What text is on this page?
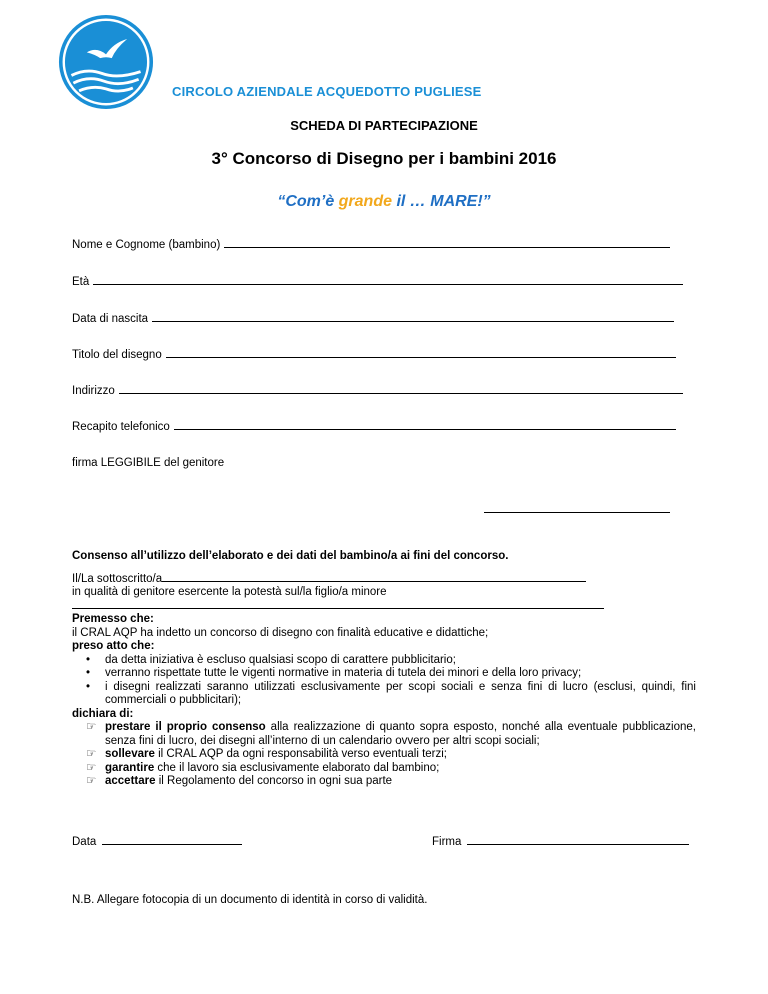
CIRCOLO AZIENDALE ACQUEDOTTO PUGLIESE
SCHEDA DI PARTECIPAZIONE
3° Concorso di Disegno per i bambini 2016
“Com’è grande il … MARE!”
Nome e Cognome (bambino)
Età
Data di nascita
Titolo del disegno
Indirizzo
Recapito telefonico
firma LEGGIBILE del genitore

Consenso all’utilizzo dell’elaborato e dei dati del bambino/a ai fini del concorso.

Il/La sottoscritto/a

in qualità di genitore esercente la potestà sul/la figlio/a minore

Premesso che:

il CRAL AQP ha indetto un concorso di disegno con finalità educative e didattiche;

preso atto che:

• da detta iniziativa è escluso qualsiasi scopo di carattere pubblicitario;
• verranno rispettate tutte le vigenti normative in materia di tutela dei minori e della loro privacy;
• i disegni realizzati saranno utilizzati esclusivamente per scopi sociali e senza fini di lucro (esclusi, quindi, fini commerciali o pubblicitari);

dichiara di:

☞ prestare il proprio consenso alla realizzazione di quanto sopra esposto, nonché alla eventuale pubblicazione, senza fini di lucro, dei disegni all’interno di un calendario ovvero per altri scopi sociali;
☞ sollevare il CRAL AQP da ogni responsabilità verso eventuali terzi;
☞ garantire che il lavoro sia esclusivamente elaborato dal bambino;
☞ accettare il Regolamento del concorso in ogni sua parte
Data	Firma
N.B. Allegare fotocopia di un documento di identità in corso di validità.
